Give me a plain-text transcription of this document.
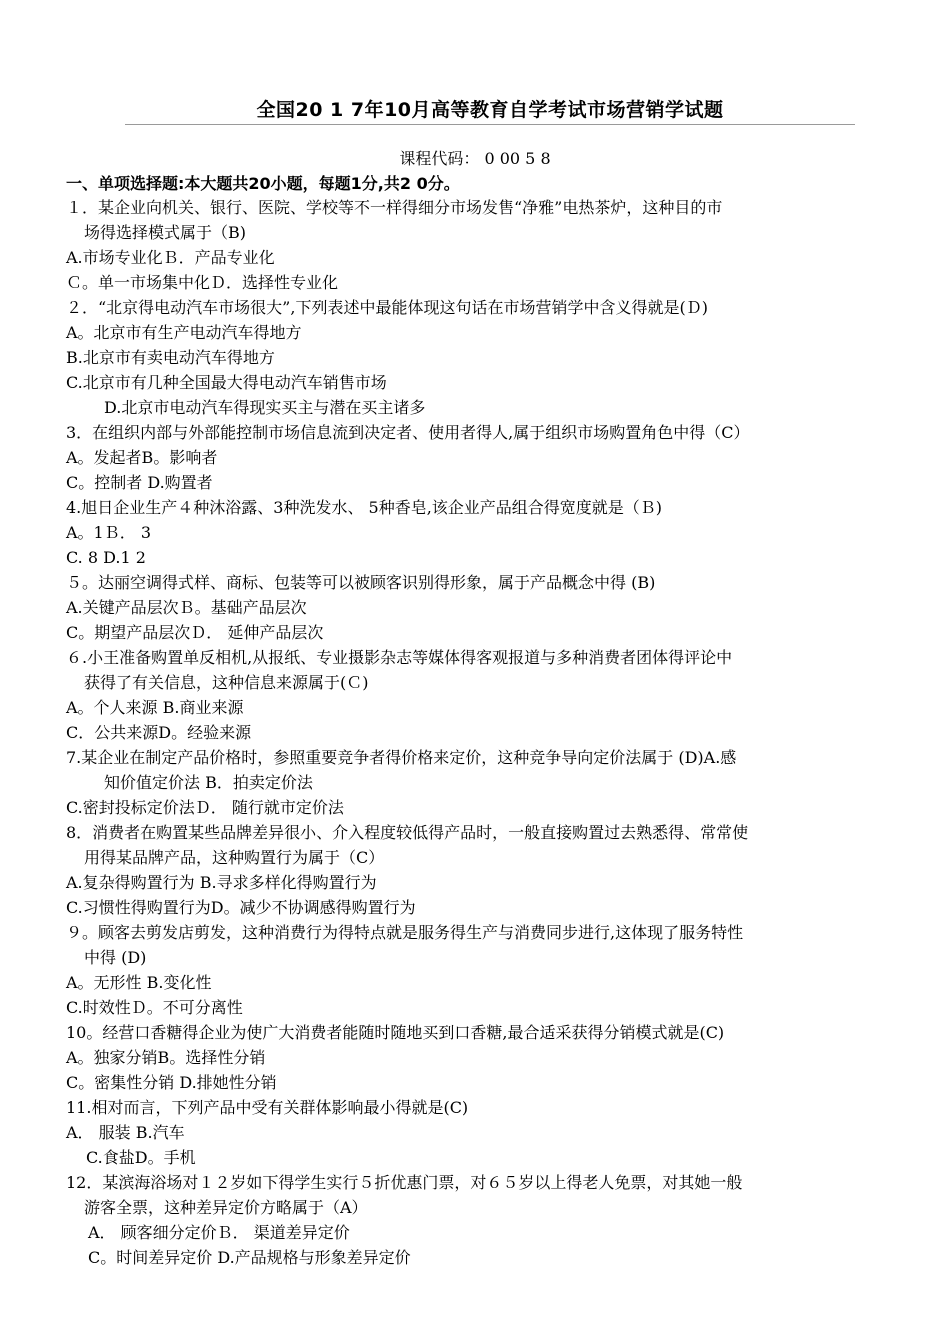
全国20 1 7年10月高等教育自学考试市场营销学试题
课程代码： 0 00 5 8
一、单项选择题:本大题共20小题，每题1分,共2 0分。
１．某企业向机关、银行、医院、学校等不一样得细分市场发售“净雅”电热茶炉，这种目的市
场得选择模式属于（B)
A.市场专业化Ｂ．产品专业化
Ｃ。单一市场集中化Ｄ．选择性专业化
２．“北京得电动汽车市场很大”,下列表述中最能体现这句话在市场营销学中含义得就是(Ｄ)
A。北京市有生产电动汽车得地方
B.北京市有卖电动汽车得地方
C.北京市有几种全国最大得电动汽车销售市场
D.北京市电动汽车得现实买主与潜在买主诸多
3．在组织内部与外部能控制市场信息流到决定者、使用者得人,属于组织市场购置角色中得（C）
A。发起者B。影响者
C。控制者 D.购置者
4.旭日企业生产４种沐浴露、3种洗发水、 5种香皂,该企业产品组合得宽度就是（Ｂ)
A。1Ｂ． 3
C. 8 D.1 2
５。达丽空调得式样、商标、包装等可以被顾客识别得形象，属于产品概念中得 (B)
A.关键产品层次Ｂ。基础产品层次
C。期望产品层次Ｄ． 延伸产品层次
６.小王准备购置单反相机,从报纸、专业摄影杂志等媒体得客观报道与多种消费者团体得评论中
获得了有关信息，这种信息来源属于(Ｃ)
A。个人来源 B.商业来源
C．公共来源D。经验来源
7.某企业在制定产品价格时，参照重要竞争者得价格来定价，这种竞争导向定价法属于 (D)A.感
知价值定价法 B．拍卖定价法
C.密封投标定价法Ｄ． 随行就市定价法
8．消费者在购置某些品牌差异很小、介入程度较低得产品时，一般直接购置过去熟悉得、常常使
用得某品牌产品，这种购置行为属于（C）
A.复杂得购置行为 B.寻求多样化得购置行为
C.习惯性得购置行为D。减少不协调感得购置行为
９。顾客去剪发店剪发，这种消费行为得特点就是服务得生产与消费同步进行,这体现了服务特性
中得 (D)
A。无形性 B.变化性
C.时效性Ｄ。不可分离性
10。经营口香糖得企业为使广大消费者能随时随地买到口香糖,最合适采获得分销模式就是(C)
A。独家分销B。选择性分销
C。密集性分销 D.排她性分销
11.相对而言，下列产品中受有关群体影响最小得就是(C)
A． 服装 B.汽车
C.食盐D。手机
12．某滨海浴场对１２岁如下得学生实行５折优惠门票，对６５岁以上得老人免票，对其她一般
游客全票，这种差异定价方略属于（A）
A． 顾客细分定价Ｂ． 渠道差异定价
C。时间差异定价 D.产品规格与形象差异定价
